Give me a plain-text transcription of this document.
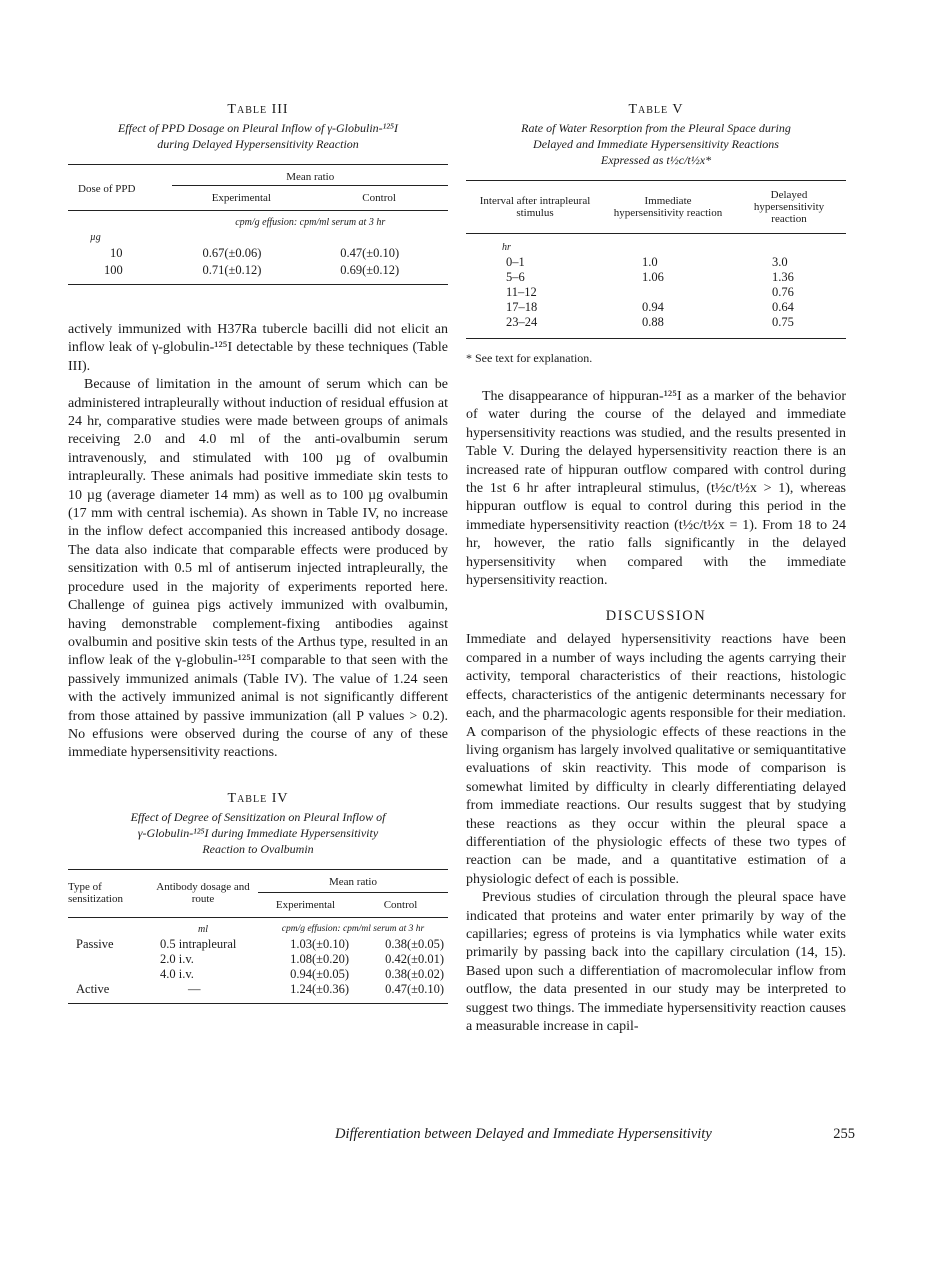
Table III
Effect of PPD Dosage on Pleural Inflow of γ-Globulin-¹²⁵I
during Delayed Hypersensitivity Reaction
Dose of PPD	Mean ratio	
	Experimental	Control
	cpm/g effusion: cpm/ml serum at 3 hr	
µg		
10	0.67(±0.06)	0.47(±0.10)
100	0.71(±0.12)	0.69(±0.12)

actively immunized with H37Ra tubercle bacilli did not elicit an inflow leak of γ-globulin-¹²⁵I detectable by these techniques (Table III).

Because of limitation in the amount of serum which can be administered intrapleurally without induction of residual effusion at 24 hr, comparative studies were made between groups of animals receiving 2.0 and 4.0 ml of the anti-ovalbumin serum intravenously, and stimulated with 100 µg of ovalbumin intrapleurally. These animals had positive immediate skin tests to 10 µg (average diameter 14 mm) as well as to 100 µg ovalbumin (17 mm with central ischemia). As shown in Table IV, no increase in the inflow defect accompanied this increased antibody dosage. The data also indicate that comparable effects were produced by sensitization with 0.5 ml of antiserum injected intrapleurally, the procedure used in the majority of experiments reported here. Challenge of guinea pigs actively immunized with ovalbumin, having demonstrable complement-fixing antibodies against ovalbumin and positive skin tests of the Arthus type, resulted in an inflow leak of the γ-globulin-¹²⁵I comparable to that seen with the passively immunized animals (Table IV). The value of 1.24 seen with the actively immunized animal is not significantly different from those attained by passive immunization (all P values > 0.2). No effusions were observed during the course of any of these immediate hypersensitivity reactions.

Table IV
Effect of Degree of Sensitization on Pleural Inflow of
γ-Globulin-¹²⁵I during Immediate Hypersensitivity
Reaction to Ovalbumin
Type of sensitization	Antibody dosage and route	Mean ratio	
		Experimental	Control
	ml	cpm/g effusion: cpm/ml serum at 3 hr	
Passive	0.5 intrapleural	1.03(±0.10)	0.38(±0.05)
	2.0 i.v.	1.08(±0.20)	0.42(±0.01)
	4.0 i.v.	0.94(±0.05)	0.38(±0.02)
Active	—	1.24(±0.36)	0.47(±0.10)
Table V
Rate of Water Resorption from the Pleural Space during
Delayed and Immediate Hypersensitivity Reactions
Expressed as t½c/t½x*
Interval after intrapleural stimulus	Immediate hypersensitivity reaction	Delayed hypersensitivity reaction
hr		
0–1	1.0	3.0
5–6	1.06	1.36
11–12		0.76
17–18	0.94	0.64
23–24	0.88	0.75
* See text for explanation.

The disappearance of hippuran-¹²⁵I as a marker of the behavior of water during the course of the delayed and immediate hypersensitivity reactions was studied, and the results presented in Table V. During the delayed hypersensitivity reaction there is an increased rate of hippuran outflow compared with control during the 1st 6 hr after intrapleural stimulus, (t½c/t½x > 1), whereas hippuran outflow is equal to control during this period in the immediate hypersensitivity reaction (t½c/t½x = 1). From 18 to 24 hr, however, the ratio falls significantly in the delayed hypersensitivity when compared with the immediate hypersensitivity reaction.

DISCUSSION

Immediate and delayed hypersensitivity reactions have been compared in a number of ways including the agents carrying their activity, temporal characteristics of their reactions, histologic effects, characteristics of the antigenic determinants necessary for each, and the pharmacologic agents responsible for their mediation. A comparison of the physiologic effects of these reactions in the living organism has largely involved qualitative or semiquantitative evaluations of skin reactivity. This mode of comparison is somewhat limited by difficulty in clearly differentiating delayed from immediate reactions. Our results suggest that by studying these reactions as they occur within the pleural space a differentiation of the physiologic effects of these two types of reaction can be made, and a quantitative estimation of a physiologic defect of each is possible.

Previous studies of circulation through the pleural space have indicated that proteins and water enter primarily by way of the capillaries; egress of proteins is via lymphatics while water exits primarily by passing back into the capillary circulation (14, 15). Based upon such a differentiation of macromolecular inflow from outflow, the data presented in our study may be interpreted to suggest two things. The immediate hypersensitivity reaction causes a measurable increase in capil-

Differentiation between Delayed and Immediate Hypersensitivity	255
